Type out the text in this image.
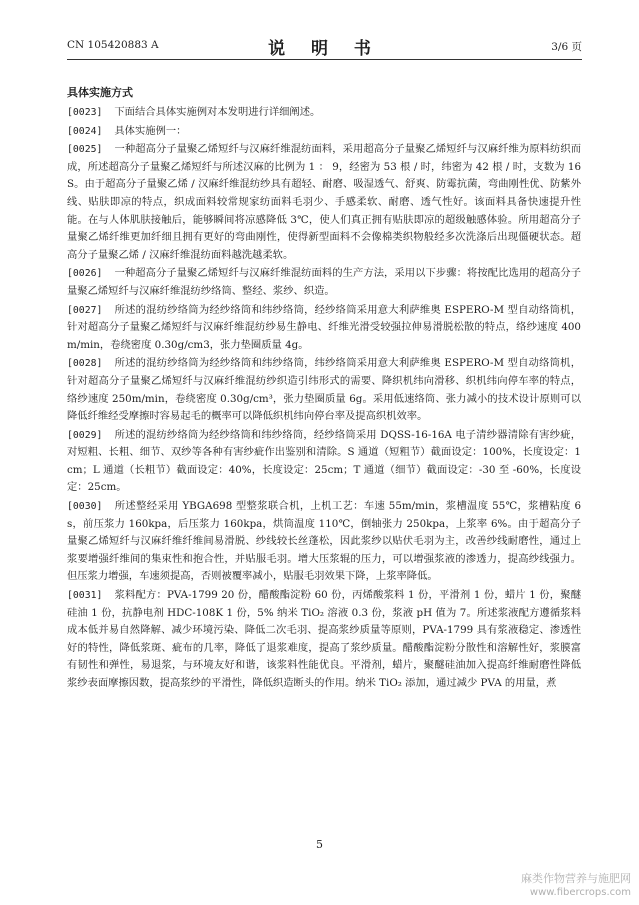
CN 105420883 A	说 明 书	3/6 页
具体实施方式
[0023] 下面结合具体实施例对本发明进行详细阐述。
[0024] 具体实施例一：
[0025] 一种超高分子量聚乙烯短纤与汉麻纤维混纺面料，采用超高分子量聚乙烯短纤与汉麻纤维为原料纺织而成，所述超高分子量聚乙烯短纤与所述汉麻的比例为 1 ： 9，经密为 53 根 / 时，纬密为 42 根 / 时，支数为 16S。由于超高分子量聚乙烯 / 汉麻纤维混纺纱具有超轻、耐磨、吸湿透气、舒爽、防霉抗菌，弯曲刚性优、防紫外线、贴肤即凉的特点，织成面料较常规家纺面料毛羽少、手感柔软、耐磨、透气性好。该面料具备快速提升性能。在与人体肌肤接触后，能够瞬间将凉感降低 3℃，使人们真正拥有贴肤即凉的超级触感体验。所用超高分子量聚乙烯纤维更加纤细且拥有更好的弯曲刚性，使得新型面料不会像棉类织物般经多次洗涤后出现僵硬状态。超高分子量聚乙烯 / 汉麻纤维混纺面料越洗越柔软。
[0026] 一种超高分子量聚乙烯短纤与汉麻纤维混纺面料的生产方法，采用以下步骤：将按配比选用的超高分子量聚乙烯短纤与汉麻纤维混纺纱络筒、整经、浆纱、织造。
[0027] 所述的混纺纱络筒为经纱络筒和纬纱络筒，经纱络筒采用意大利萨维奥 ESPERO-M 型自动络筒机，针对超高分子量聚乙烯短纤与汉麻纤维混纺纱易生静电、纤维光滑受较强拉伸易滑脱松散的特点，络纱速度 400m/min，卷绕密度 0.30g/cm3，张力垫圈质量 4g。
[0028] 所述的混纺纱络筒为经纱络筒和纬纱络筒，纬纱络筒采用意大利萨维奥 ESPERO-M 型自动络筒机，针对超高分子量聚乙烯短纤与汉麻纤维混纺纱织造引纬形式的需要、降织机纬向滑移、织机纬向停车率的特点，络纱速度 250m/min，卷绕密度 0.30g/cm³，张力垫圈质量 6g。采用低速络筒、张力减小的技术设计原则可以降低纤维经受摩擦时容易起毛的概率可以降低织机纬向停台率及提高织机效率。
[0029] 所述的混纺纱络筒为经纱络筒和纬纱络筒，经纱络筒采用 DQSS-16-16A 电子清纱器清除有害纱疵，对短粗、长粗、细节、双纱等各种有害纱疵作出鉴别和清除。S 通道（短粗节）截面设定：100%，长度设定：1cm；L 通道（长粗节）截面设定：40%，长度设定：25cm；T 通道（细节）截面设定：-30 至 -60%，长度设定：25cm。
[0030] 所述整经采用 YBGA698 型整浆联合机，上机工艺：车速 55m/min，浆槽温度 55℃，浆槽粘度 6s，前压浆力 160kpa，后压浆力 160kpa，烘筒温度 110℃，倒轴张力 250kpa，上浆率 6%。由于超高分子量聚乙烯短纤与汉麻纤维纤维间易滑脱、纱线较长丝蓬松，因此浆纱以贴伏毛羽为主，改善纱线耐磨性，通过上浆要增强纤维间的集束性和抱合性，并贴服毛羽。增大压浆辊的压力，可以增强浆液的渗透力，提高纱线强力。但压浆力增强，车速须提高，否则被覆率减小，贴服毛羽效果下降，上浆率降低。
[0031] 浆料配方：PVA-1799 20 份，醋酸酯淀粉 60 份，丙烯酸浆料 1 份，平滑剂 1 份，蜡片 1 份，聚醚硅油 1 份，抗静电剂 HDC-108K 1 份，5% 纳米 TiO₂ 溶液 0.3 份，浆液 pH 值为 7。所述浆液配方遵循浆料成本低并易自然降解、减少环境污染、降低二次毛羽、提高浆纱质量等原则，PVA-1799 具有浆液稳定、渗透性好的特性，降低浆斑、疵布的几率，降低了退浆难度，提高了浆纱质量。醋酸酯淀粉分散性和溶解性好，浆膜富有韧性和弹性，易退浆，与环境友好和谐，该浆料性能优良。平滑剂，蜡片，聚醚硅油加入提高纤维耐磨性降低浆纱表面摩擦因数，提高浆纱的平滑性，降低织造断头的作用。纳米 TiO₂ 添加，通过减少 PVA 的用量，煮
5
麻类作物营养与施肥网
www.fibercrops.com
